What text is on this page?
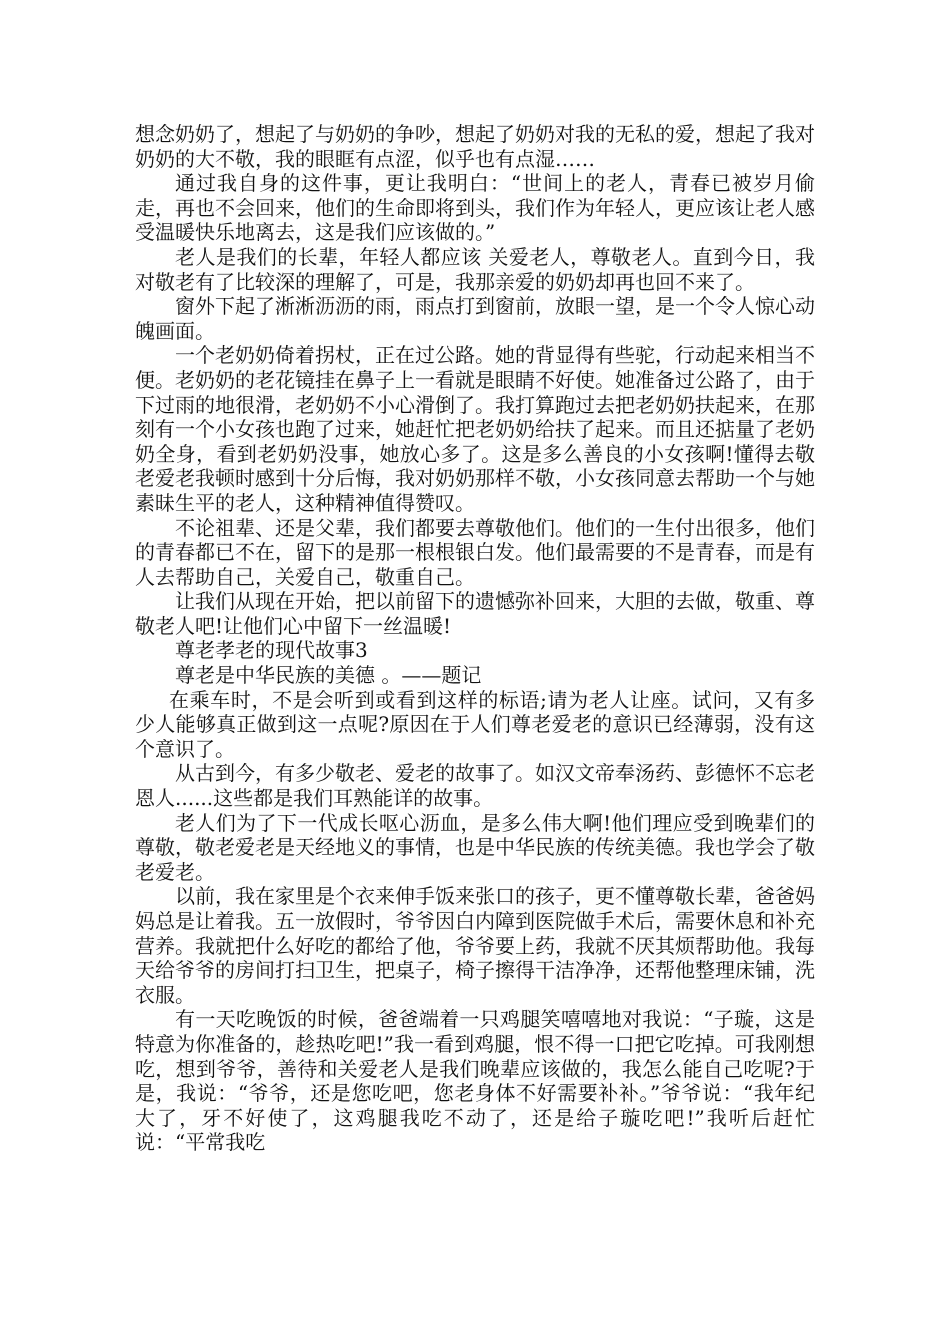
想念奶奶了，想起了与奶奶的争吵，想起了奶奶对我的无私的爱，想起了我对奶奶的大不敬，我的眼眶有点涩，似乎也有点湿……

通过我自身的这件事，更让我明白：“世间上的老人，青春已被岁月偷走，再也不会回来，他们的生命即将到头，我们作为年轻人，更应该让老人感受温暖快乐地离去，这是我们应该做的。”

老人是我们的长辈，年轻人都应该 关爱老人，尊敬老人。直到今日，我对敬老有了比较深的理解了，可是，我那亲爱的奶奶却再也回不来了。

窗外下起了淅淅沥沥的雨，雨点打到窗前，放眼一望，是一个令人惊心动魄画面。

一个老奶奶倚着拐杖，正在过公路。她的背显得有些驼，行动起来相当不便。老奶奶的老花镜挂在鼻子上一看就是眼睛不好使。她准备过公路了，由于下过雨的地很滑，老奶奶不小心滑倒了。我打算跑过去把老奶奶扶起来，在那刻有一个小女孩也跑了过来，她赶忙把老奶奶给扶了起来。而且还掂量了老奶奶全身，看到老奶奶没事，她放心多了。这是多么善良的小女孩啊!懂得去敬老爱老我顿时感到十分后悔，我对奶奶那样不敬，小女孩同意去帮助一个与她素昧生平的老人，这种精神值得赞叹。

不论祖辈、还是父辈，我们都要去尊敬他们。他们的一生付出很多，他们的青春都已不在，留下的是那一根根银白发。他们最需要的不是青春，而是有人去帮助自己，关爱自己，敬重自己。

让我们从现在开始，把以前留下的遗憾弥补回来，大胆的去做，敬重、尊敬老人吧!让他们心中留下一丝温暖!

尊老孝老的现代故事3

尊老是中华民族的美德 。——题记

在乘车时，不是会听到或看到这样的标语;请为老人让座。试问，又有多少人能够真正做到这一点呢?原因在于人们尊老爱老的意识已经薄弱，没有这个意识了。

从古到今，有多少敬老、爱老的故事了。如汉文帝奉汤药、彭德怀不忘老恩人......这些都是我们耳熟能详的故事。

老人们为了下一代成长呕心沥血，是多么伟大啊!他们理应受到晚辈们的尊敬，敬老爱老是天经地义的事情，也是中华民族的传统美德。我也学会了敬老爱老。

以前，我在家里是个衣来伸手饭来张口的孩子，更不懂尊敬长辈，爸爸妈妈总是让着我。五一放假时，爷爷因白内障到医院做手术后，需要休息和补充营养。我就把什么好吃的都给了他，爷爷要上药，我就不厌其烦帮助他。我每天给爷爷的房间打扫卫生，把桌子，椅子擦得干洁净净，还帮他整理床铺，洗衣服。

有一天吃晚饭的时候，爸爸端着一只鸡腿笑嘻嘻地对我说：“子璇，这是特意为你准备的，趁热吃吧!”我一看到鸡腿，恨不得一口把它吃掉。可我刚想吃，想到爷爷，善待和关爱老人是我们晚辈应该做的，我怎么能自己吃呢?于是，我说：“爷爷，还是您吃吧，您老身体不好需要补补。”爷爷说：“我年纪大了，牙不好使了，这鸡腿我吃不动了，还是给子璇吃吧!”我听后赶忙说：“平常我吃
